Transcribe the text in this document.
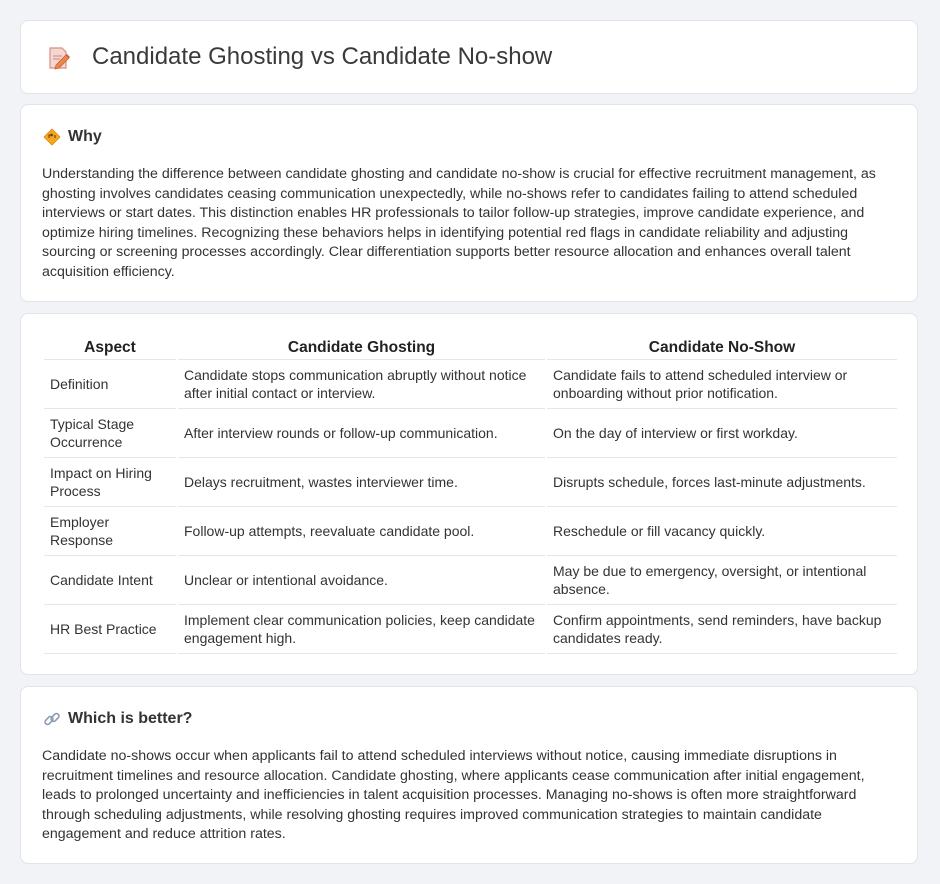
Candidate Ghosting vs Candidate No-show
Why

Understanding the difference between candidate ghosting and candidate no-show is crucial for effective recruitment management, as ghosting involves candidates ceasing communication unexpectedly, while no-shows refer to candidates failing to attend scheduled interviews or start dates. This distinction enables HR professionals to tailor follow-up strategies, improve candidate experience, and optimize hiring timelines. Recognizing these behaviors helps in identifying potential red flags in candidate reliability and adjusting sourcing or screening processes accordingly. Clear differentiation supports better resource allocation and enhances overall talent acquisition efficiency.

Aspect	Candidate Ghosting	Candidate No-Show
Definition	Candidate stops communication abruptly without notice after initial contact or interview.	Candidate fails to attend scheduled interview or onboarding without prior notification.
Typical Stage Occurrence	After interview rounds or follow-up communication.	On the day of interview or first workday.
Impact on Hiring Process	Delays recruitment, wastes interviewer time.	Disrupts schedule, forces last-minute adjustments.
Employer Response	Follow-up attempts, reevaluate candidate pool.	Reschedule or fill vacancy quickly.
Candidate Intent	Unclear or intentional avoidance.	May be due to emergency, oversight, or intentional absence.
HR Best Practice	Implement clear communication policies, keep candidate engagement high.	Confirm appointments, send reminders, have backup candidates ready.
Which is better?

Candidate no-shows occur when applicants fail to attend scheduled interviews without notice, causing immediate disruptions in recruitment timelines and resource allocation. Candidate ghosting, where applicants cease communication after initial engagement, leads to prolonged uncertainty and inefficiencies in talent acquisition processes. Managing no-shows is often more straightforward through scheduling adjustments, while resolving ghosting requires improved communication strategies to maintain candidate engagement and reduce attrition rates.
